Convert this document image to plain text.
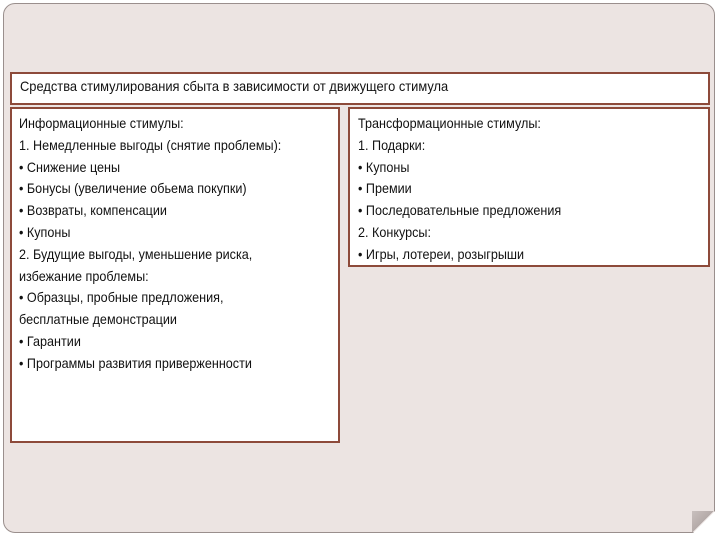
Средства стимулирования сбыта в зависимости от движущего стимула
Информационные стимулы:
1. Немедленные выгоды (снятие проблемы):
• Снижение цены
• Бонусы (увеличение обьема покупки)
• Возвраты, компенсации
• Купоны
2. Будущие выгоды, уменьшение риска,
избежание проблемы:
• Образцы, пробные предложения,
бесплатные демонстрации
• Гарантии
• Программы развития приверженности
Трансформационные стимулы:
1. Подарки:
• Купоны
• Премии
• Последовательные предложения
2. Конкурсы:
• Игры, лотереи, розыгрыши
